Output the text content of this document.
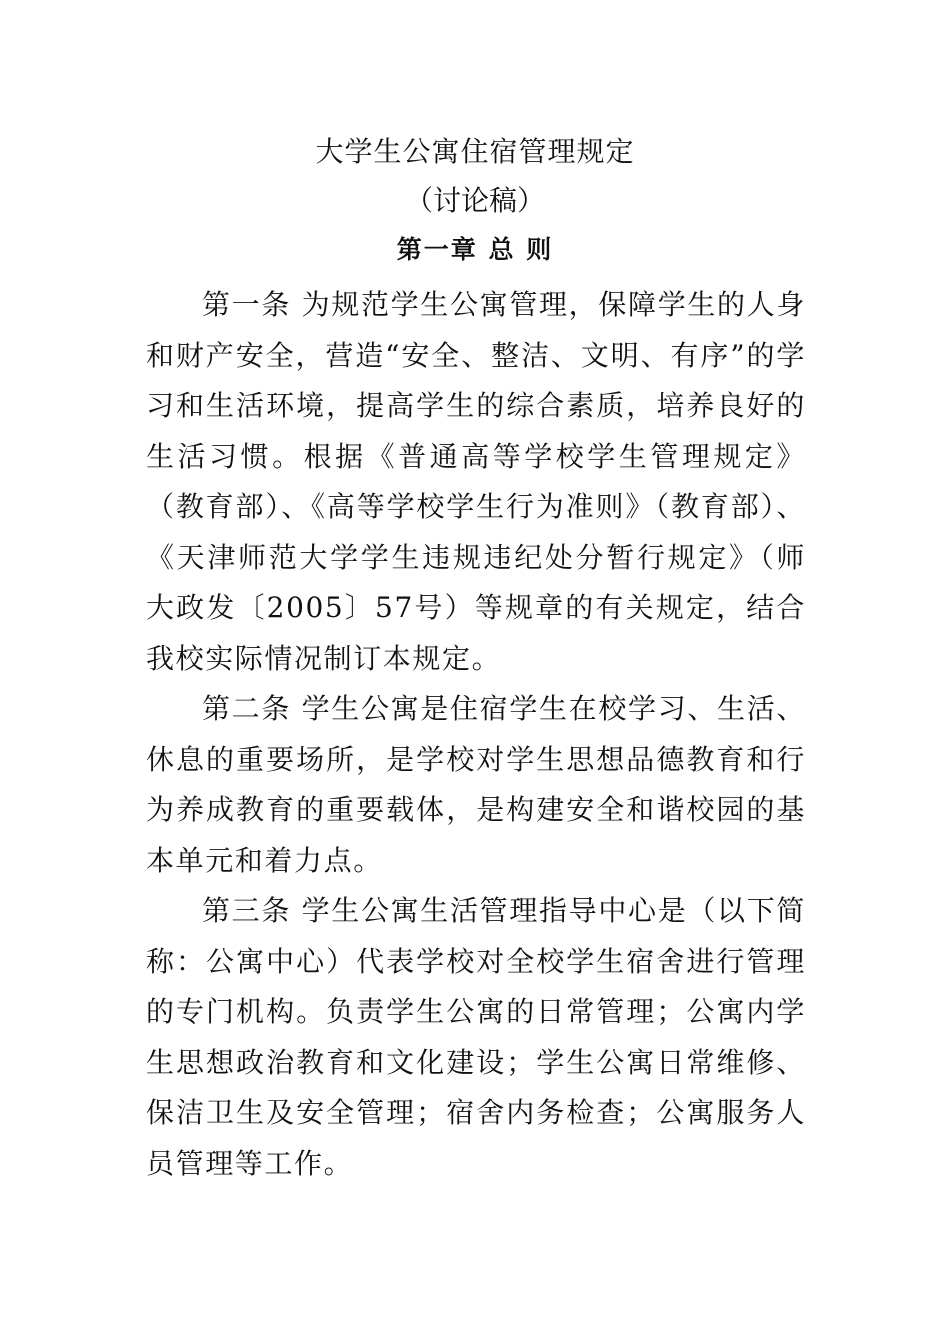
大学生公寓住宿管理规定
（讨论稿）
第一章 总 则

第一条 为规范学生公寓管理，保障学生的人身和财产安全，营造“安全、整洁、文明、有序”的学习和生活环境，提高学生的综合素质，培养良好的生活习惯。根据《普通高等学校学生管理规定》（教育部）、《高等学校学生行为准则》（教育部）、《天津师范大学学生违规违纪处分暂行规定》（师大政发〔2005〕57号）等规章的有关规定，结合我校实际情况制订本规定。

第二条 学生公寓是住宿学生在校学习、生活、休息的重要场所，是学校对学生思想品德教育和行为养成教育的重要载体，是构建安全和谐校园的基本单元和着力点。

第三条 学生公寓生活管理指导中心是（以下简称：公寓中心）代表学校对全校学生宿舍进行管理的专门机构。负责学生公寓的日常管理；公寓内学生思想政治教育和文化建设；学生公寓日常维修、保洁卫生及安全管理；宿舍内务检查；公寓服务人员管理等工作。
